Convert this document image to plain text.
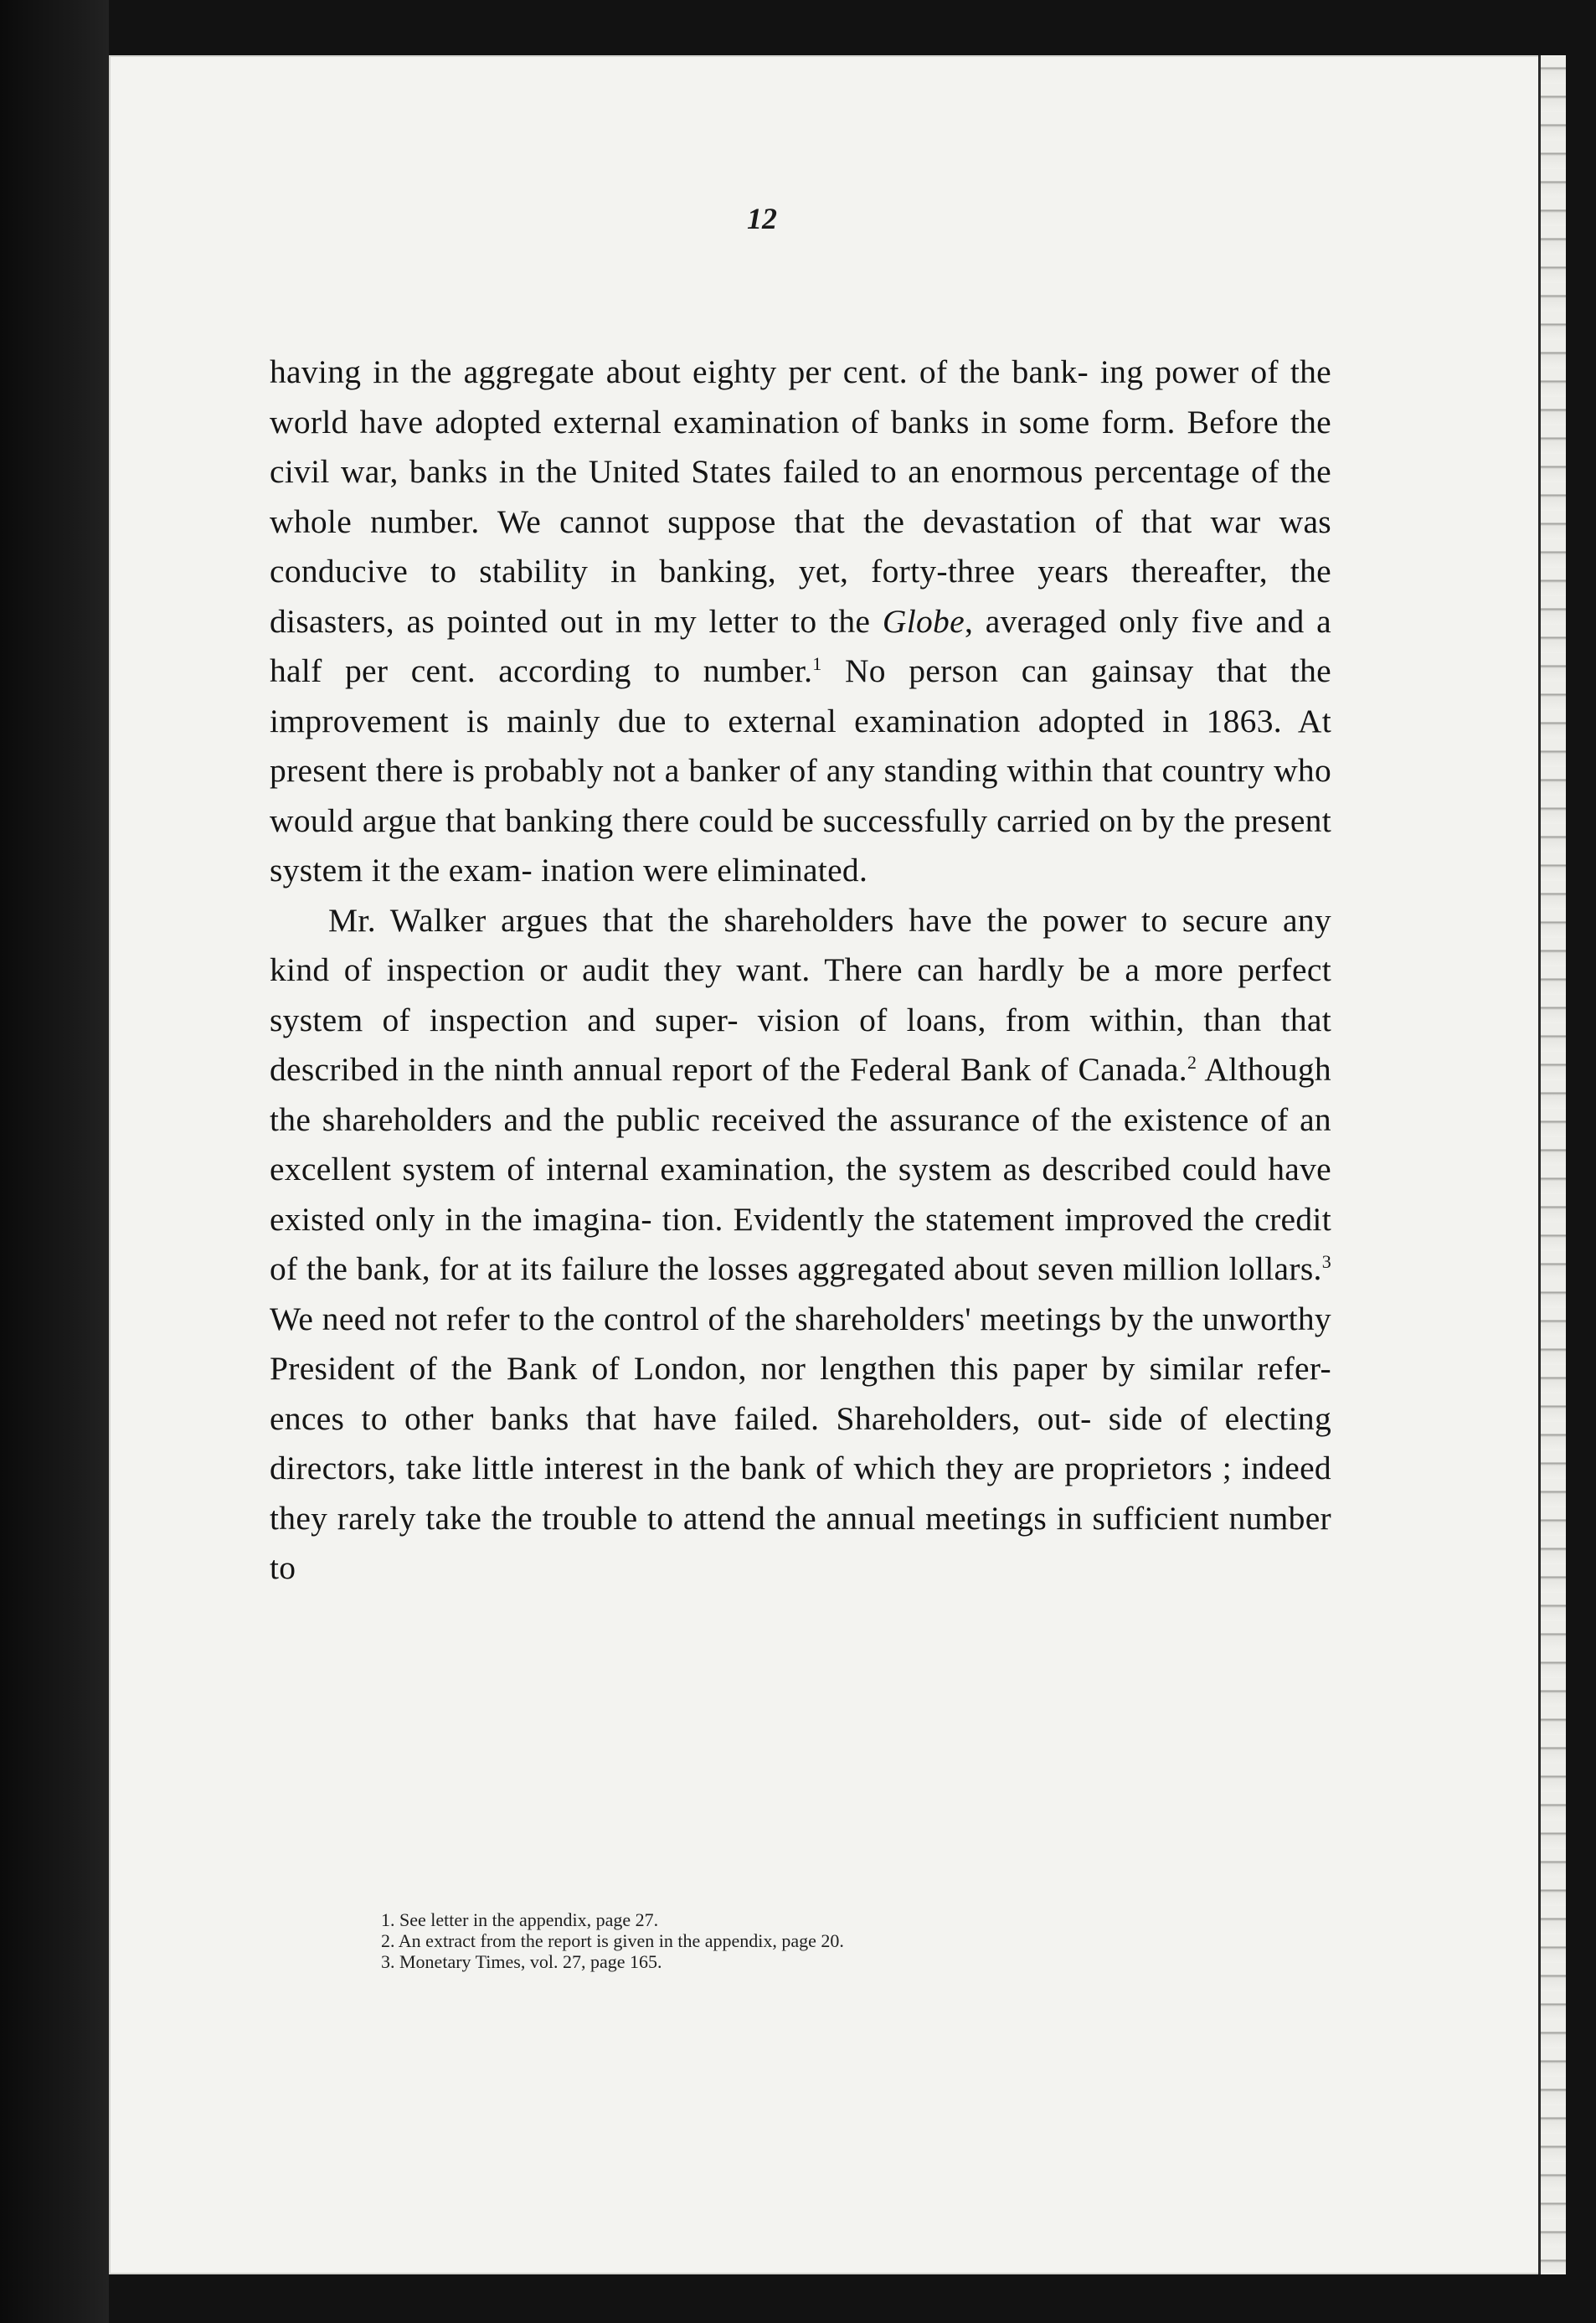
12

having in the aggregate about eighty per cent. of the bank- ing power of the world have adopted external examination of banks in some form. Before the civil war, banks in the United States failed to an enormous percentage of the whole number. We cannot suppose that the devastation of that war was conducive to stability in banking, yet, forty-three years thereafter, the disasters, as pointed out in my letter to the Globe, averaged only five and a half per cent. according to number.$^1$ No person can gainsay that the improvement is mainly due to external examination adopted in 1863. At present there is probably not a banker of any standing within that country who would argue that banking there could be successfully carried on by the present system it the exam- ination were eliminated.

Mr. Walker argues that the shareholders have the power to secure any kind of inspection or audit they want. There can hardly be a more perfect system of inspection and super- vision of loans, from within, than that described in the ninth annual report of the Federal Bank of Canada.$^2$ Although the shareholders and the public received the assurance of the existence of an excellent system of internal examination, the system as described could have existed only in the imagina- tion. Evidently the statement improved the credit of the bank, for at its failure the losses aggregated about seven million lollars.$^3$ We need not refer to the control of the shareholders' meetings by the unworthy President of the Bank of London, nor lengthen this paper by similar refer- ences to other banks that have failed. Shareholders, out- side of electing directors, take little interest in the bank of which they are proprietors ; indeed they rarely take the trouble to attend the annual meetings in sufficient number to

1. See letter in the appendix, page 27.
2. An extract from the report is given in the appendix, page 20.
3. Monetary Times, vol. 27, page 165.
